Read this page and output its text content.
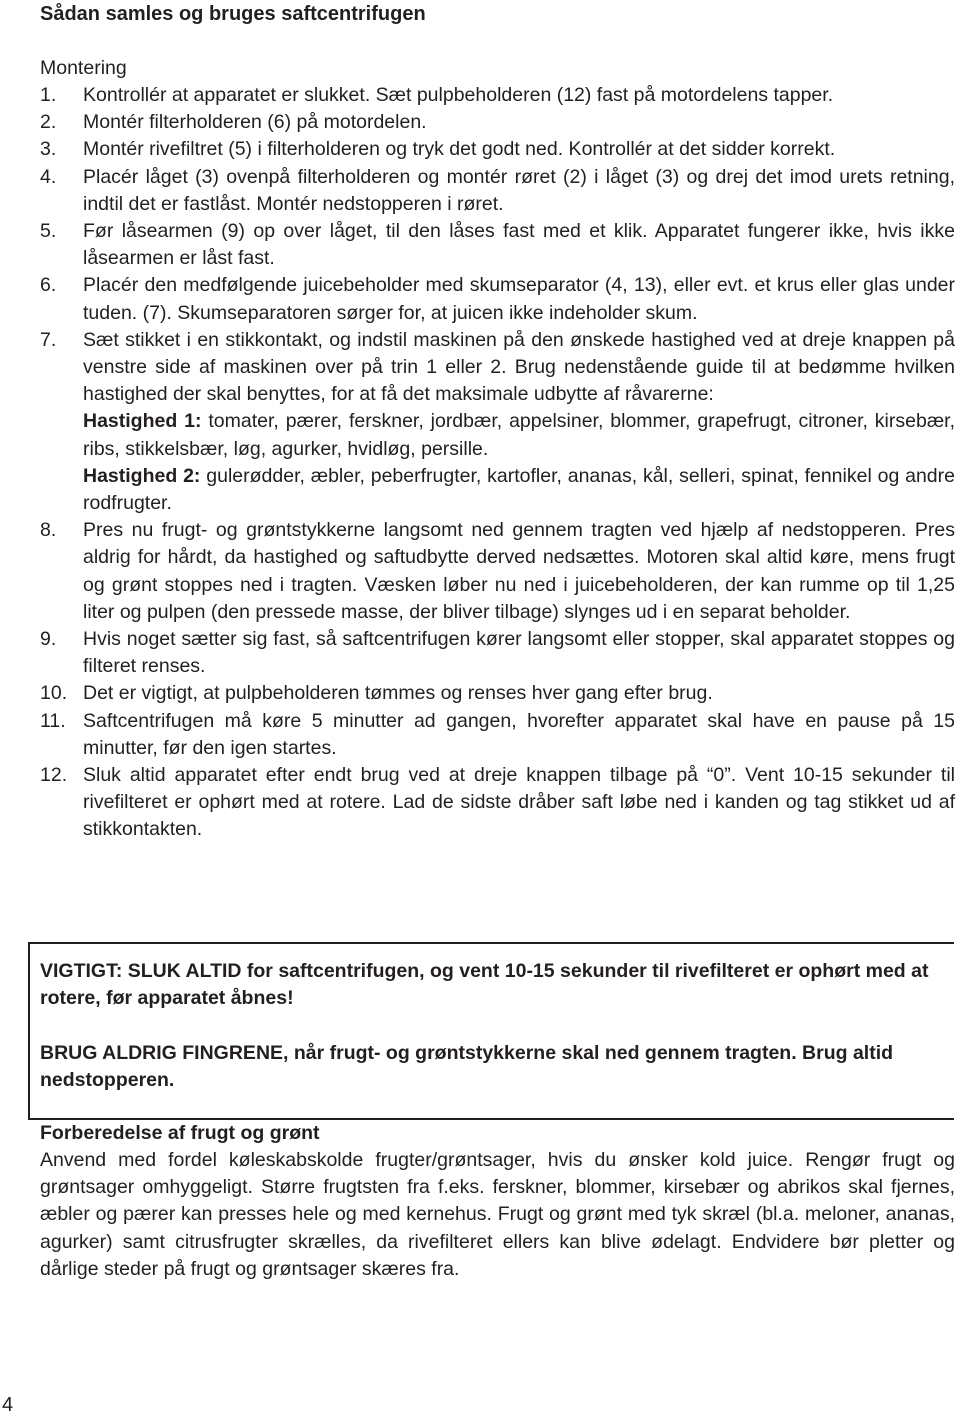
Sådan samles og bruges saftcentrifugen

Montering

1. Kontrollér at apparatet er slukket. Sæt pulpbeholderen (12) fast på motordelens tapper.
2. Montér filterholderen (6) på motordelen.
3. Montér rivefiltret (5) i filterholderen og tryk det godt ned. Kontrollér at det sidder korrekt.
4. Placér låget (3) ovenpå filterholderen og montér røret (2) i låget (3) og drej det imod urets retning, indtil det er fastlåst. Montér nedstopperen i røret.
5. Før låsearmen (9) op over låget, til den låses fast med et klik. Apparatet fungerer ikke, hvis ikke låsearmen er låst fast.
6. Placér den medfølgende juicebeholder med skumseparator (4, 13), eller evt. et krus eller glas under tuden. (7). Skumseparatoren sørger for, at juicen ikke indeholder skum.
7. Sæt stikket i en stikkontakt, og indstil maskinen på den ønskede hastighed ved at dreje knappen på venstre side af maskinen over på trin 1 eller 2. Brug nedenstående guide til at bedømme hvilken hastighed der skal benyttes, for at få det maksimale udbytte af råvarerne:
Hastighed 1: tomater, pærer, ferskner, jordbær, appelsiner, blommer, grapefrugt, citroner, kirsebær, ribs, stikkelsbær, løg, agurker, hvidløg, persille.
Hastighed 2: gulerødder, æbler, peberfrugter, kartofler, ananas, kål, selleri, spinat, fennikel og andre rodfrugter.
8. Pres nu frugt- og grøntstykkerne langsomt ned gennem tragten ved hjælp af nedstopperen. Pres aldrig for hårdt, da hastighed og saftudbytte derved nedsættes. Motoren skal altid køre, mens frugt og grønt stoppes ned i tragten. Væsken løber nu ned i juicebeholderen, der kan rumme op til 1,25 liter og pulpen (den pressede masse, der bliver tilbage) slynges ud i en separat beholder.
9. Hvis noget sætter sig fast, så saftcentrifugen kører langsomt eller stopper, skal apparatet stoppes og filteret renses.
10. Det er vigtigt, at pulpbeholderen tømmes og renses hver gang efter brug.
11. Saftcentrifugen må køre 5 minutter ad gangen, hvorefter apparatet skal have en pause på 15 minutter, før den igen startes.
12. Sluk altid apparatet efter endt brug ved at dreje knappen tilbage på “0”. Vent 10-15 sekunder til rivefilteret er ophørt med at rotere. Lad de sidste dråber saft løbe ned i kanden og tag stikket ud af stikkontakten.

VIGTIGT: SLUK ALTID for saftcentrifugen, og vent 10-15 sekunder til rivefilteret er ophørt med at rotere, før apparatet åbnes!

BRUG ALDRIG FINGRENE, når frugt- og grøntstykkerne skal ned gennem tragten. Brug altid nedstopperen.

Forberedelse af frugt og grønt

Anvend med fordel køleskabskolde frugter/grøntsager, hvis du ønsker kold juice. Rengør frugt og grøntsager omhyggeligt. Større frugtsten fra f.eks. ferskner, blommer, kirsebær og abrikos skal fjernes, æbler og pærer kan presses hele og med kernehus. Frugt og grønt med tyk skræl (bl.a. meloner, ananas, agurker) samt citrusfrugter skrælles, da rivefilteret ellers kan blive ødelagt. Endvidere bør pletter og dårlige steder på frugt og grøntsager skæres fra.

4
